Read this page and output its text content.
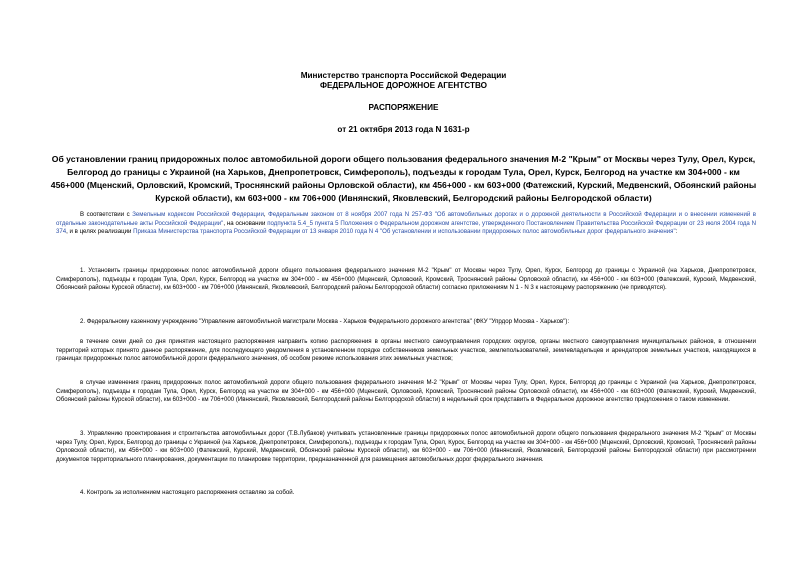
Министерство транспорта Российской Федерации
ФЕДЕРАЛЬНОЕ ДОРОЖНОЕ АГЕНТСТВО
РАСПОРЯЖЕНИЕ
от 21 октября 2013 года N 1631-р
Об установлении границ придорожных полос автомобильной дороги общего пользования федерального значения М-2 "Крым" от Москвы через Тулу, Орел, Курск, Белгород до границы с Украиной (на Харьков, Днепропетровск, Симферополь), подъезды к городам Тула, Орел, Курск, Белгород на участке км 304+000 - км 456+000 (Мценский, Орловский, Кромский, Троснянский районы Орловской области), км 456+000 - км 603+000 (Фатежский, Курский, Медвенский, Обоянский районы Курской области), км 603+000 - км 706+000 (Ивнянский, Яковлевский, Белгородский районы Белгородской области)
В соответствии с Земельным кодексом Российской Федерации, Федеральным законом от 8 ноября 2007 года N 257-ФЗ "Об автомобильных дорогах и о дорожной деятельности в Российской Федерации и о внесении изменений в отдельные законодательные акты Российской Федерации", на основании подпункта 5.4_5 пункта 5 Положения о Федеральном дорожном агентстве, утвержденного Постановлением Правительства Российской Федерации от 23 июля 2004 года N 374, и в целях реализации Приказа Министерства транспорта Российской Федерации от 13 января 2010 года N 4 "Об установлении и использовании придорожных полос автомобильных дорог федерального значения":
1. Установить границы придорожных полос автомобильной дороги общего пользования федерального значения М-2 "Крым" от Москвы через Тулу, Орел, Курск, Белгород до границы с Украиной (на Харьков, Днепропетровск, Симферополь), подъезды к городам Тула, Орел, Курск, Белгород на участке км 304+000 - км 456+000 (Мценский, Орловский, Кромский, Троснянский районы Орловской области), км 456+000 - км 603+000 (Фатежский, Курский, Медвенский, Обоянский районы Курской области), км 603+000 - км 706+000 (Ивнянский, Яковлевский, Белгородский районы Белгородской области) согласно приложениям N 1 - N 3 к настоящему распоряжению (не приводятся).
2. Федеральному казенному учреждению "Управление автомобильной магистрали Москва - Харьков Федерального дорожного агентства" (ФКУ "Упрдор Москва - Харьков"):
в течение семи дней со дня принятия настоящего распоряжения направить копию распоряжения в органы местного самоуправления городских округов, органы местного самоуправления муниципальных районов, в отношении территорий которых принято данное распоряжение, для последующего уведомления в установленном порядке собственников земельных участков, землепользователей, землевладельцев и арендаторов земельных участков, находящихся в границах придорожных полос автомобильной дороги федерального значения, об особом режиме использования этих земельных участков;
в случае изменения границ придорожных полос автомобильной дороги общего пользования федерального значения М-2 "Крым" от Москвы через Тулу, Орел, Курск, Белгород до границы с Украиной (на Харьков, Днепропетровск, Симферополь), подъезды к городам Тула, Орел, Курск, Белгород на участке км 304+000 - км 456+000 (Мценский, Орловский, Кромский, Троснянский районы Орловской области), км 456+000 - км 603+000 (Фатежский, Курский, Медвенский, Обоянский районы Курской области), км 603+000 - км 706+000 (Ивнянский, Яковлевский, Белгородский районы Белгородской области) в недельный срок представить в Федеральное дорожное агентство предложения о таком изменении.
3. Управлению проектирования и строительства автомобильных дорог (Т.В.Лубаков) учитывать установленные границы придорожных полос автомобильной дороги общего пользования федерального значения М-2 "Крым" от Москвы через Тулу, Орел, Курск, Белгород до границы с Украиной (на Харьков, Днепропетровск, Симферополь), подъезды к городам Тула, Орел, Курск, Белгород на участке км 304+000 - км 456+000 (Мценский, Орловский, Кромский, Троснянский районы Орловской области), км 456+000 - км 603+000 (Фатежский, Курский, Медвенский, Обоянский районы Курской области), км 603+000 - км 706+000 (Ивнянский, Яковлевский, Белгородский районы Белгородской области) при рассмотрении документов территориального планирования, документации по планировке территории, предназначенной для размещения автомобильных дорог федерального значения.
4. Контроль за исполнением настоящего распоряжения оставляю за собой.
